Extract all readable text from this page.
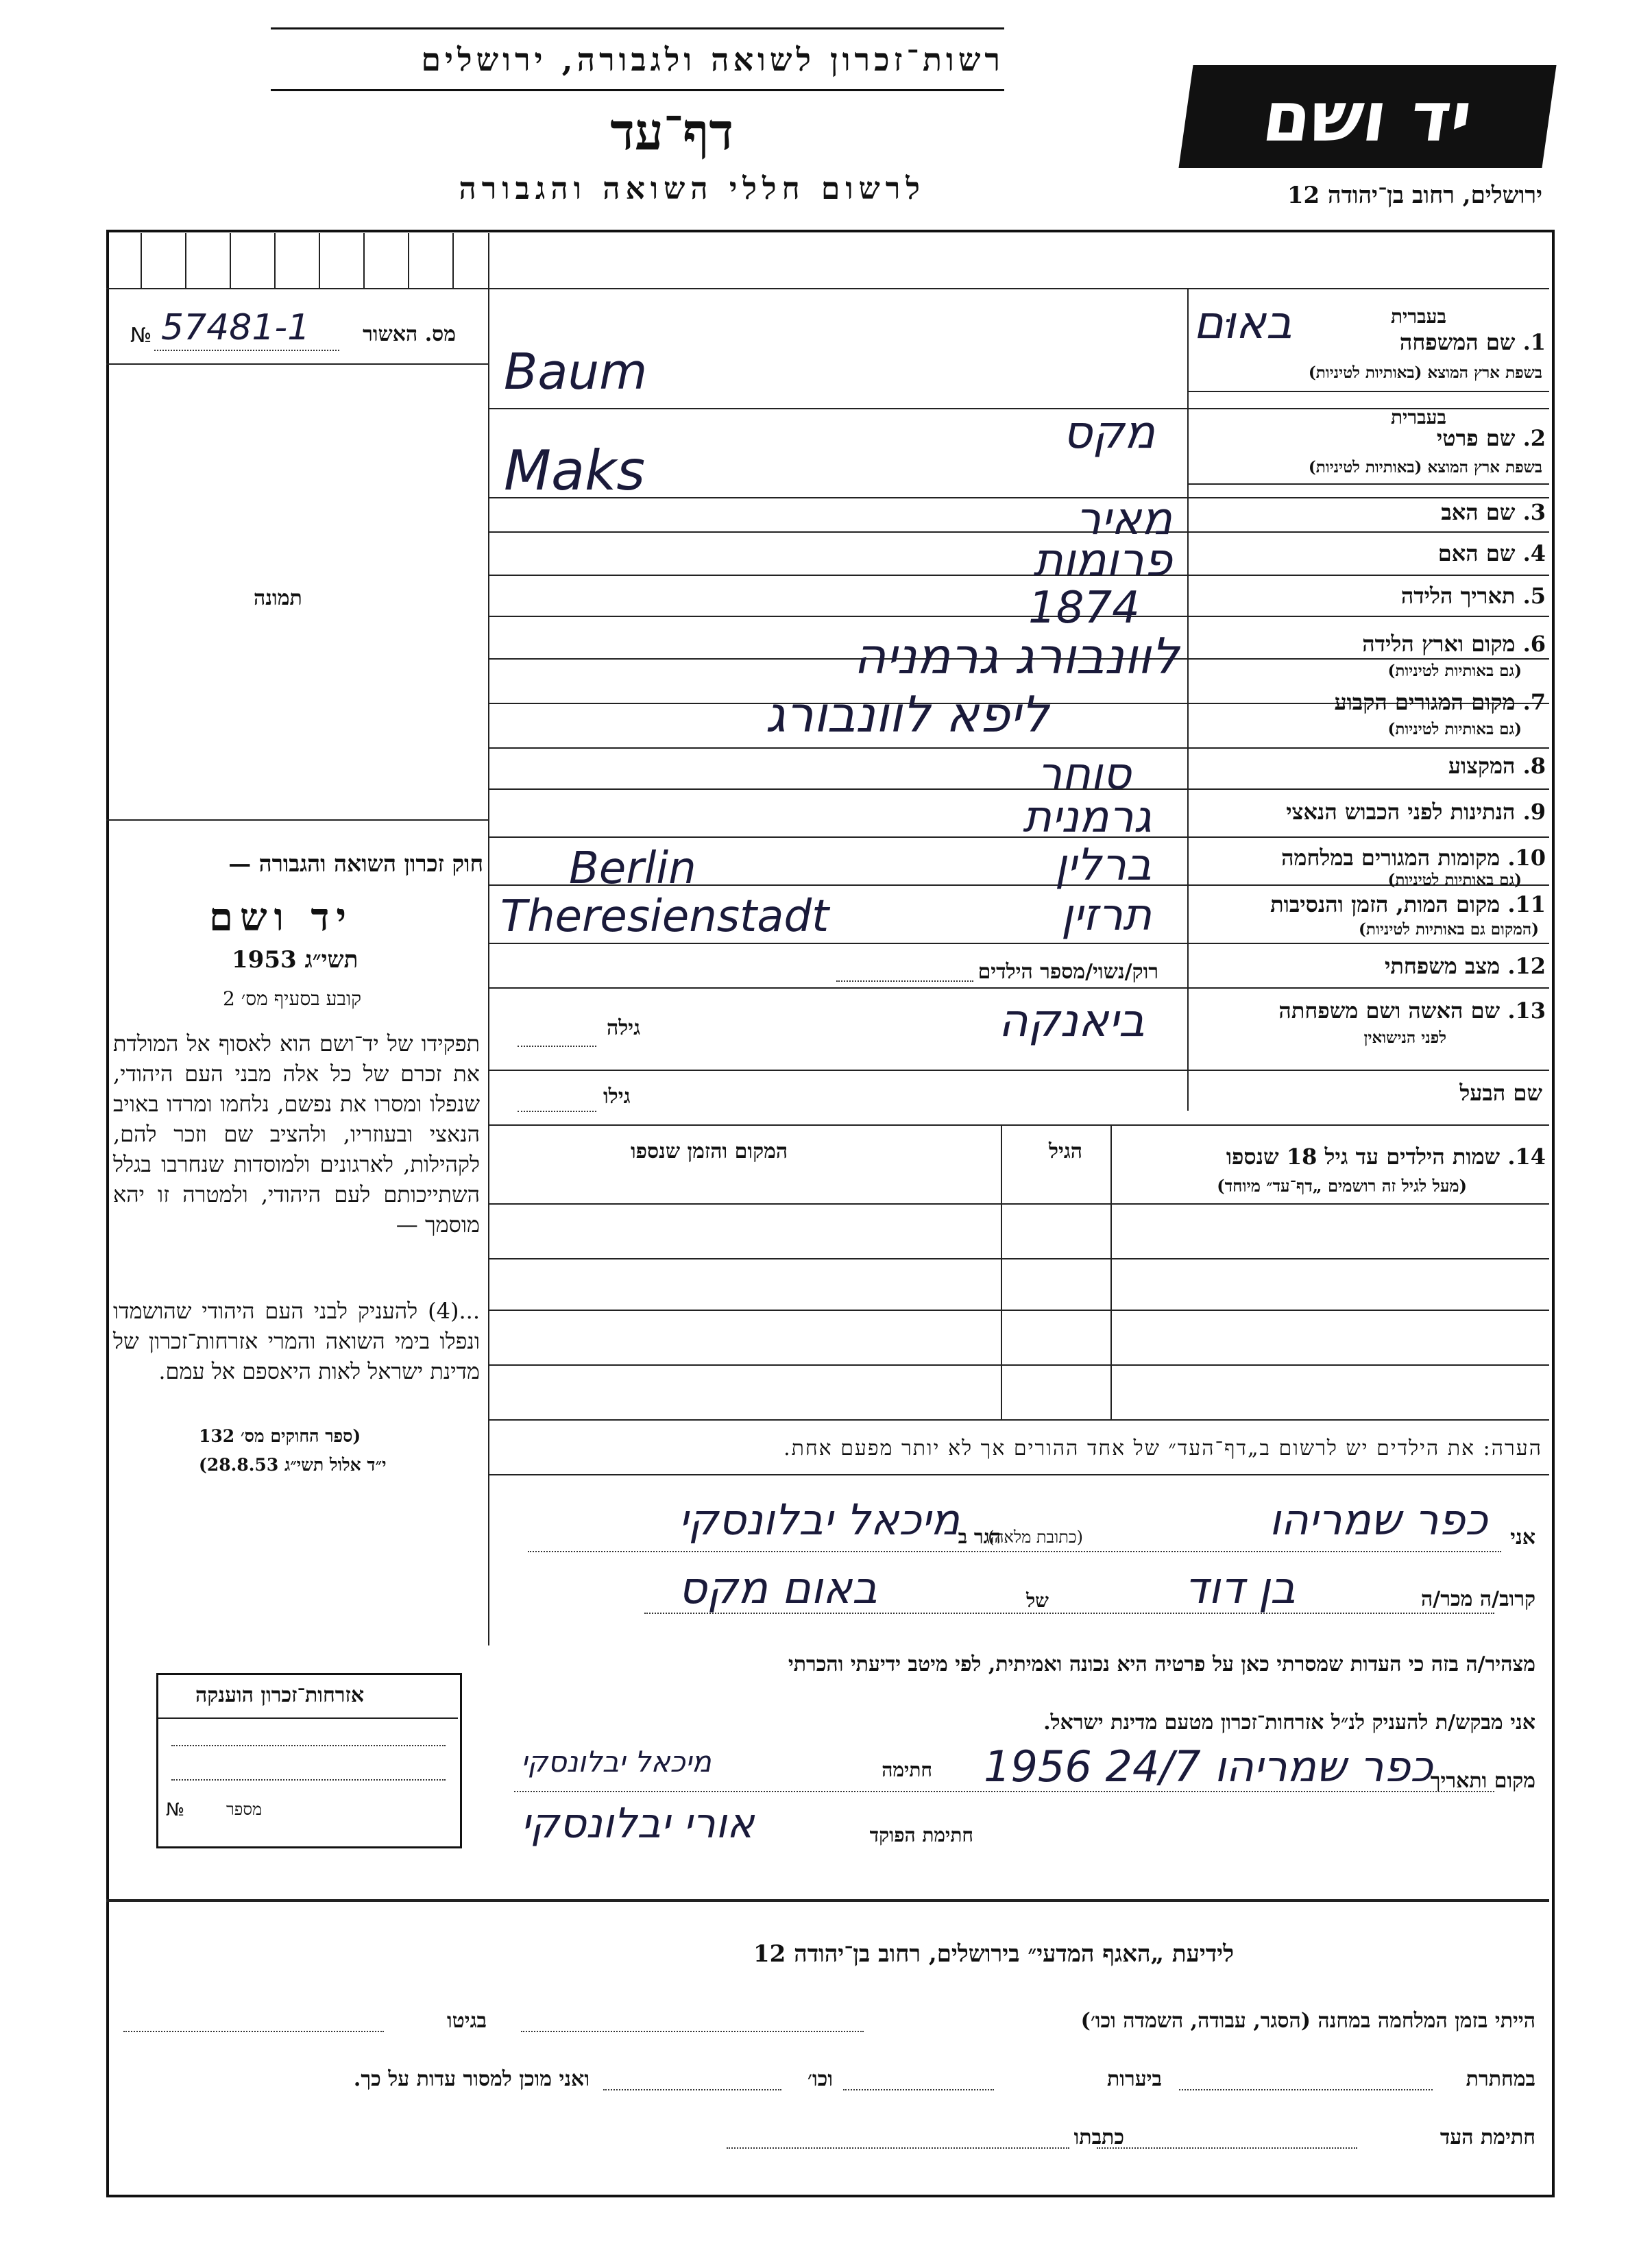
רשות־זכרון לשואה ולגבורה, ירושלים
דף־עד
לרשום חללי השואה והגבורה
יד ושם
ירושלים, רחוב בן־יהודה 12
מס. האשור
№ 57481-1
תמונה
חוק זכרון השואה והגבורה —
יד ושם
תשי״ג 1953
קובע בסעיף מס׳ 2
תפקידו של יד־ושם הוא לאסוף אל המולדת את זכרם של כל אלה מבני העם היהודי, שנפלו ומסרו את נפשם, נלחמו ומרדו באויב הנאצי ובעוזריו, ולהציב שם וזכר להם, לקהילות, לארגונים ולמוסדות שנחרבו בגלל השתייכותם לעם היהודי, ולמטרה זו יהא מוסמך —
...(4) להעניק לבני העם היהודי שהושמדו ונפלו בימי השואה והמרי אזרחות־זכרון של מדינת ישראל לאות היאספם אל עמם.
(ספר החוקים מס׳ 132
י״ד אלול תשי״ג 28.8.53)
1. שם המשפחה
בעברית
בשפת ארץ המוצא (באותיות לטיניות)
באוּם
Baum
2. שם פרטי
בעברית
בשפת ארץ המוצא (באותיות לטיניות)
מקס
Maks
3. שם האב
מאיר
4. שם האם
פרומות
5. תאריך הלידה
1874
6. מקום וארץ הלידה
(גם באותיות לטיניות)
לוונבורג גרמניה
7. מקום המגורים הקבוע
(גם באותיות לטיניות)
ליפא לוונבורג
8. המקצוע
סוחר
9. הנתינות לפני הכבוש הנאצי
גרמנית
10. מקומות המגורים במלחמה
(גם באותיות לטיניות)
ברלין
Berlin
11. מקום המות, הזמן והנסיבות
(המקום גם באותיות לטיניות)
תרזין
Theresienstadt
12. מצב משפחתי
רוק/נשוי/מספר הילדים
13. שם האשה ושם משפחתה
לפני הנישואין
ביאנקה
גילה
שם הבעל
גילו
14. שמות הילדים עד גיל 18 שנספו
(מעל לגיל זה רושמים „דף־עד״ מיוחד)
הגיל
המקום והזמן שנספו
הערה: את הילדים יש לרשום ב„דף־העד״ של אחד ההורים אך לא יותר מפעם אחת.
אני
מיכאל יבלונסקי
הגר ב
(כתובת מלאה)	כפר שמריהו
קרוב/ה מכר/ה
בן דוד
של
באום מקס
מצהיר/ה בזה כי העדות שמסרתי כאן על פרטיה היא נכונה ואמיתית, לפי מיטב ידיעתי והכרתי
אני מבקש/ת להעניק לנ״ל אזרחות־זכרון מטעם מדינת ישראל.
מקום ותאריך
כפר שמריהו 24/7 1956
חתימה
מיכאל יבלונסקי
חתימת הפוקד
אורי יבלונסקי
אזרחות־זכרון הוענקה
מספר
№
לידיעת „האגף המדעי״ בירושלים, רחוב בן־יהודה 12
הייתי בזמן המלחמה במחנה (הסגר, עבודה, השמדה וכו׳)
בגיטו
במחתרת
ביערות
וכו׳
ואני מוכן למסור עדות על כך.
חתימת העד
כתבתו
